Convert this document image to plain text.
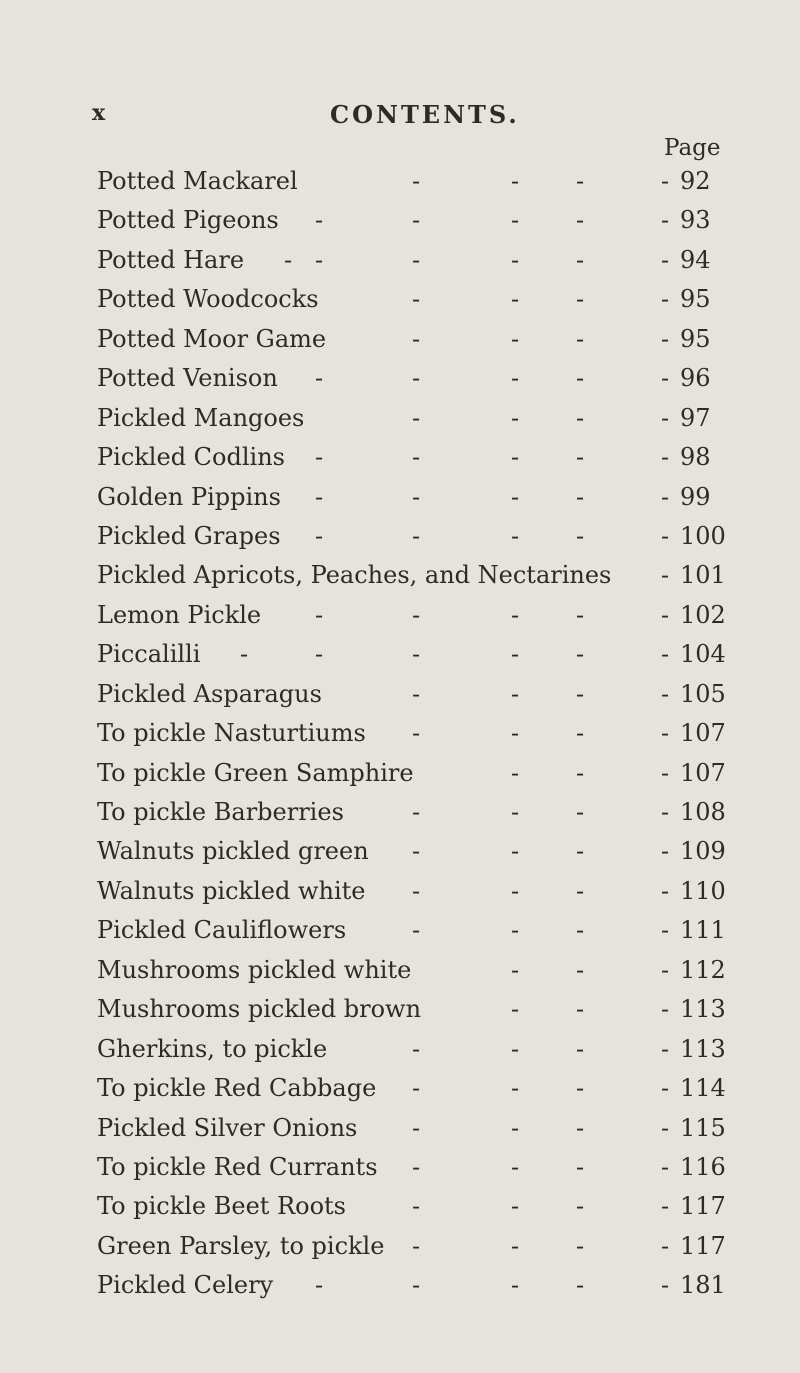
x	CONTENTS.
Page
Potted Mackarel	- 92
-	- -
Potted Pigeons	- 93
-	-	- -
Potted Hare	- 94
-	-	- -
-
Potted Woodcocks	- 95
-	- -
Potted Moor Game	- 95
-	- -
Potted Venison	- 96
-	-	- -
Pickled Mangoes	- 97
-	- -
Pickled Codlins	- 98
-	-	- -
Golden Pippins	- 99
-	-	- -
Pickled Grapes	- 100
-	-	- -
Pickled Apricots, Peaches, and Nectarines - 101
Lemon Pickle	- 102
-	-	- -
Piccalilli	- 104
-	-	- -
-
Pickled Asparagus	- 105
-	- -
To pickle Nasturtiums	- 107
-	- -
To pickle Green Samphire	- 107
- -
To pickle Barberries	- 108
-	- -
Walnuts pickled green	- 109
-	- -
Walnuts pickled white	- 110
-	- -
Pickled Cauliflowers	- 111
-	- -
Mushrooms pickled white	- 112
- -
Mushrooms pickled brown	- 113
- -
Gherkins, to pickle	- 113
-	- -
To pickle Red Cabbage	- 114
-	- -
Pickled Silver Onions	- 115
-	- -
To pickle Red Currants	- 116
-	- -
To pickle Beet Roots	- 117
-	- -
Green Parsley, to pickle	- 117
-	- -
Pickled Celery	- 181
-	-	- -
